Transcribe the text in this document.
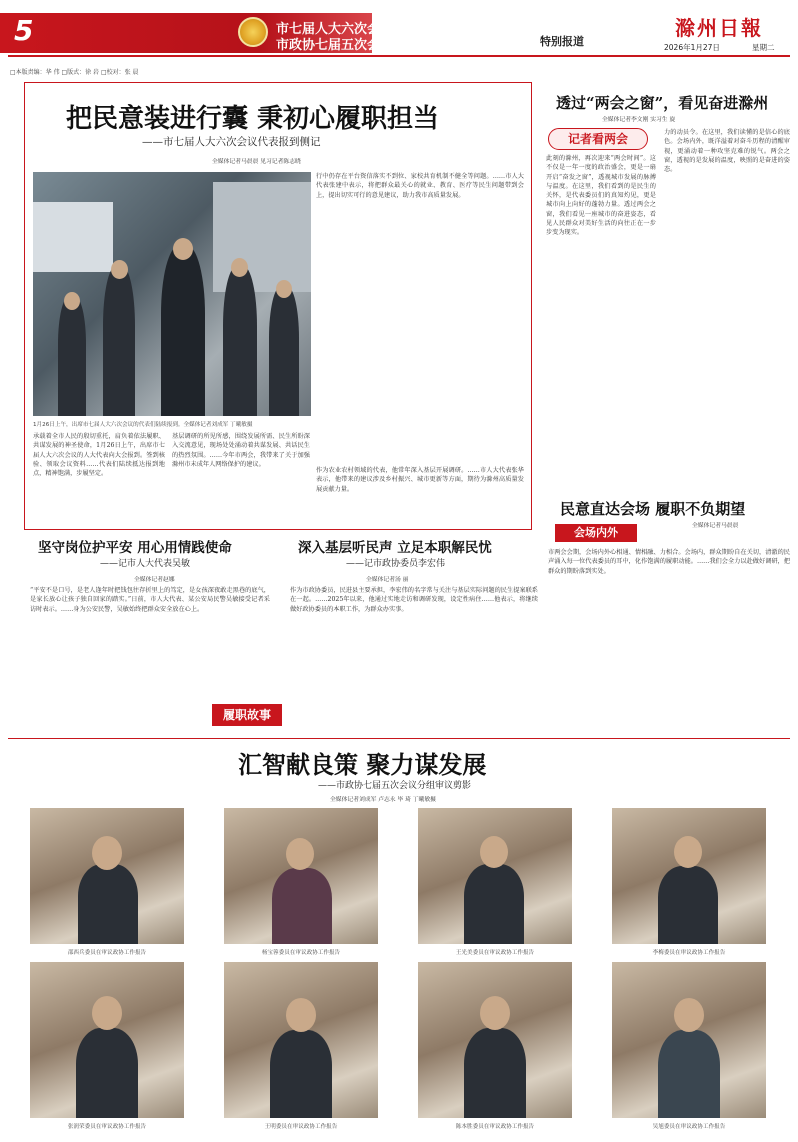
5	市七届人大六次会议
市政协七届五次会议	特别报道
滁州日報
2026年1月27日	星期二
□本版责编：华 伟 □版式：徐 岩 □校对：张 晨
把民意装进行囊 秉初心履职担当
——市七届人大六次会议代表报到侧记
全媒体记者马晨晨 见习记者陈志晓
1月26日上午，出席市七届人大六次会议的代表们陆续报到。全媒体记者刘成军 丁曦敏摄
承载着全市人民的殷切重托，肩负着依法履职、共谋发展的神圣使命，1月26日上午，出席市七届人大六次会议的人大代表向大会报到。签到核验、领取会议资料……代表们陆续抵达报到地点，精神饱满，步履坚定。
行中仍存在平台资信落实不到位、家校共育机制不健全等问题。……市人大代表张建中表示，将把群众最关心的就业、教育、医疗等民生问题带到会上，提出切实可行的意见建议，助力我市高质量发展。
基层调研的所见所感，围绕发展所需、民生所盼深入交流意见，现场处处涌动着共谋发展、共话民生的热烈氛围。……今年市两会，我带来了关于加强滁州市未成年人网络保护的建议。
作为农业农村领域的代表，他常年深入基层开展调研。……市人大代表张华表示，他带来的建议涉及乡村振兴、城市更新等方面，期待为滁州高质量发展贡献力量。
透过“两会之窗”，看见奋进滁州
全媒体记者李文刚 实习生 旋
记者看两会
此刻的滁州，再次迎来“两会时间”。这不仅是一年一度的政治盛会，更是一扇开启“奋发之窗”，透视城市发展的脉搏与温度。在这里，我们看到的是民生的关怀，是代表委员们的真知灼见，更是城市向上向好的蓬勃力量。透过两会之窗，我们看见一座城市的奋进姿态，看见人民群众对美好生活的向往正在一步步变为现实。
力的动员令。在这里，我们读懂的是信心的底色。会场内外，既洋溢着对奋斗历程的清醒审视，更涌动着一种攻坚克难的锐气。两会之窗，透视的是发展的温度，映照的是奋进的姿态。
民意直达会场 履职不负期望
全媒体记者马晨晨
会场内外
市两会会期，会场内外心相通、情相融、力相合。会场内，群众期盼自在关切，清澈的民声涌入每一位代表委员的耳中，化作饱满的履职动能。……我们会全力以赴做好调研，把群众的期盼落到实处。
坚守岗位护平安 用心用情践使命
——记市人大代表吴敏
全媒体记者赵娜
“平安不是口号，是老人逢年时把钱包往存折里上的笃定，是女孩深夜敢走黑巷的底气，是家长放心让孩子独自回家的踏实。”日前，市人大代表、某公安局民警吴敏接受记者采访时表示。……身为公安民警，吴敏始终把群众安全放在心上。
履职故事
深入基层听民声 立足本职解民忧
——记市政协委员李宏伟
全媒体记者汤 丽
作为市政协委员，民进县主要承担，李宏伟的名字常与关注与基层实际问题的民生提案联系在一起。……2025年以来，他通过实地走访和调研发现，设定性病住……他表示，将继续做好政协委员的本职工作，为群众办实事。
汇智献良策 聚力谋发展
——市政协七届五次会议分组审议剪影
全媒体记者刘成军 卢志永 毕 琦 丁曦敏摄
邵西兵委员在审议政协工作报告	杨宝蓉委员在审议政协工作报告	王光美委员在审议政协工作报告	李梅委员在审议政协工作报告
张润荣委员在审议政协工作报告	王明委员在审议政协工作报告	陈本胜委员在审议政协工作报告	吴旭委员在审议政协工作报告
